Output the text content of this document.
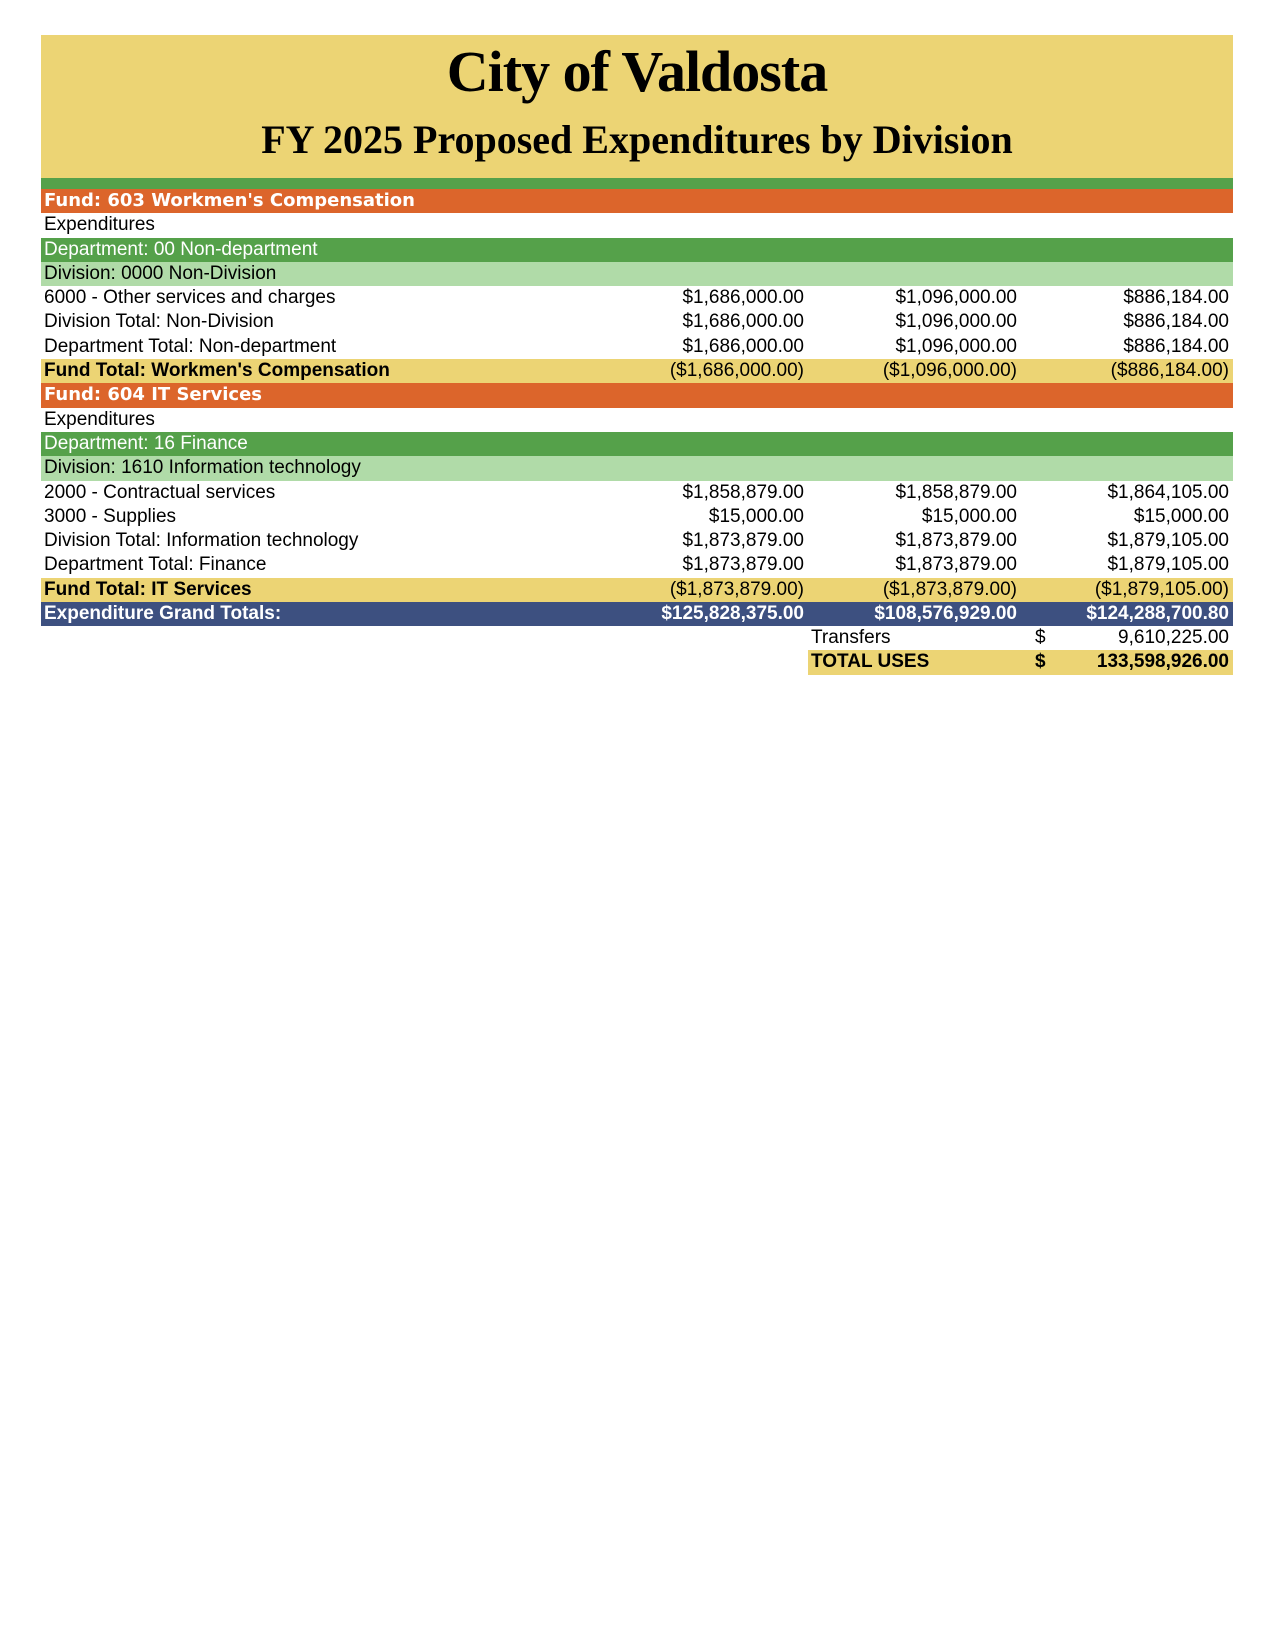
City of Valdosta
FY 2025 Proposed Expenditures by Division
Fund: 603 Workmen's Compensation
Expenditures
Department: 00 Non-department
Division: 0000 Non-Division
6000 - Other services and charges	$1,686,000.00	$1,096,000.00	$886,184.00
Division Total: Non-Division	$1,686,000.00	$1,096,000.00	$886,184.00
Department Total: Non-department	$1,686,000.00	$1,096,000.00	$886,184.00
Fund Total: Workmen's Compensation	($1,686,000.00)	($1,096,000.00)	($886,184.00)
Fund: 604 IT Services
Expenditures
Department: 16 Finance
Division: 1610 Information technology
2000 - Contractual services	$1,858,879.00	$1,858,879.00	$1,864,105.00
3000 - Supplies	$15,000.00	$15,000.00	$15,000.00
Division Total: Information technology	$1,873,879.00	$1,873,879.00	$1,879,105.00
Department Total: Finance	$1,873,879.00	$1,873,879.00	$1,879,105.00
Fund Total: IT Services	($1,873,879.00)	($1,873,879.00)	($1,879,105.00)
Expenditure Grand Totals:	$125,828,375.00	$108,576,929.00	$124,288,700.80
Transfers	$	9,610,225.00
TOTAL USES	$	133,598,926.00
